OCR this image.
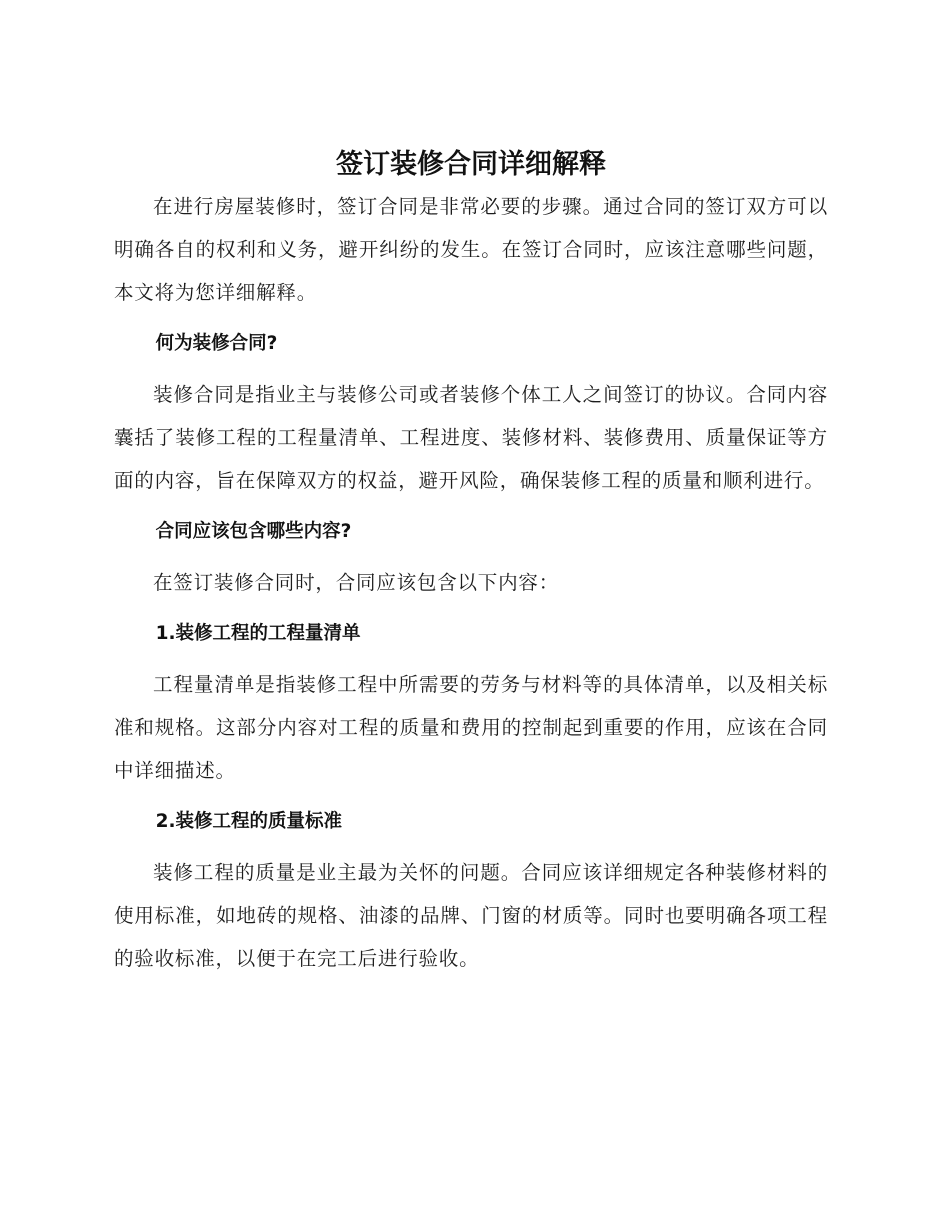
签订装修合同详细解释

在进行房屋装修时，签订合同是非常必要的步骤。通过合同的签订双方可以明确各自的权利和义务，避开纠纷的发生。在签订合同时，应该注意哪些问题，本文将为您详细解释。

何为装修合同?

装修合同是指业主与装修公司或者装修个体工人之间签订的协议。合同内容囊括了装修工程的工程量清单、工程进度、装修材料、装修费用、质量保证等方面的内容，旨在保障双方的权益，避开风险，确保装修工程的质量和顺利进行。

合同应该包含哪些内容?

在签订装修合同时，合同应该包含以下内容：

1.装修工程的工程量清单

工程量清单是指装修工程中所需要的劳务与材料等的具体清单，以及相关标准和规格。这部分内容对工程的质量和费用的控制起到重要的作用，应该在合同中详细描述。

2.装修工程的质量标准

装修工程的质量是业主最为关怀的问题。合同应该详细规定各种装修材料的使用标准，如地砖的规格、油漆的品牌、门窗的材质等。同时也要明确各项工程的验收标准，以便于在完工后进行验收。
